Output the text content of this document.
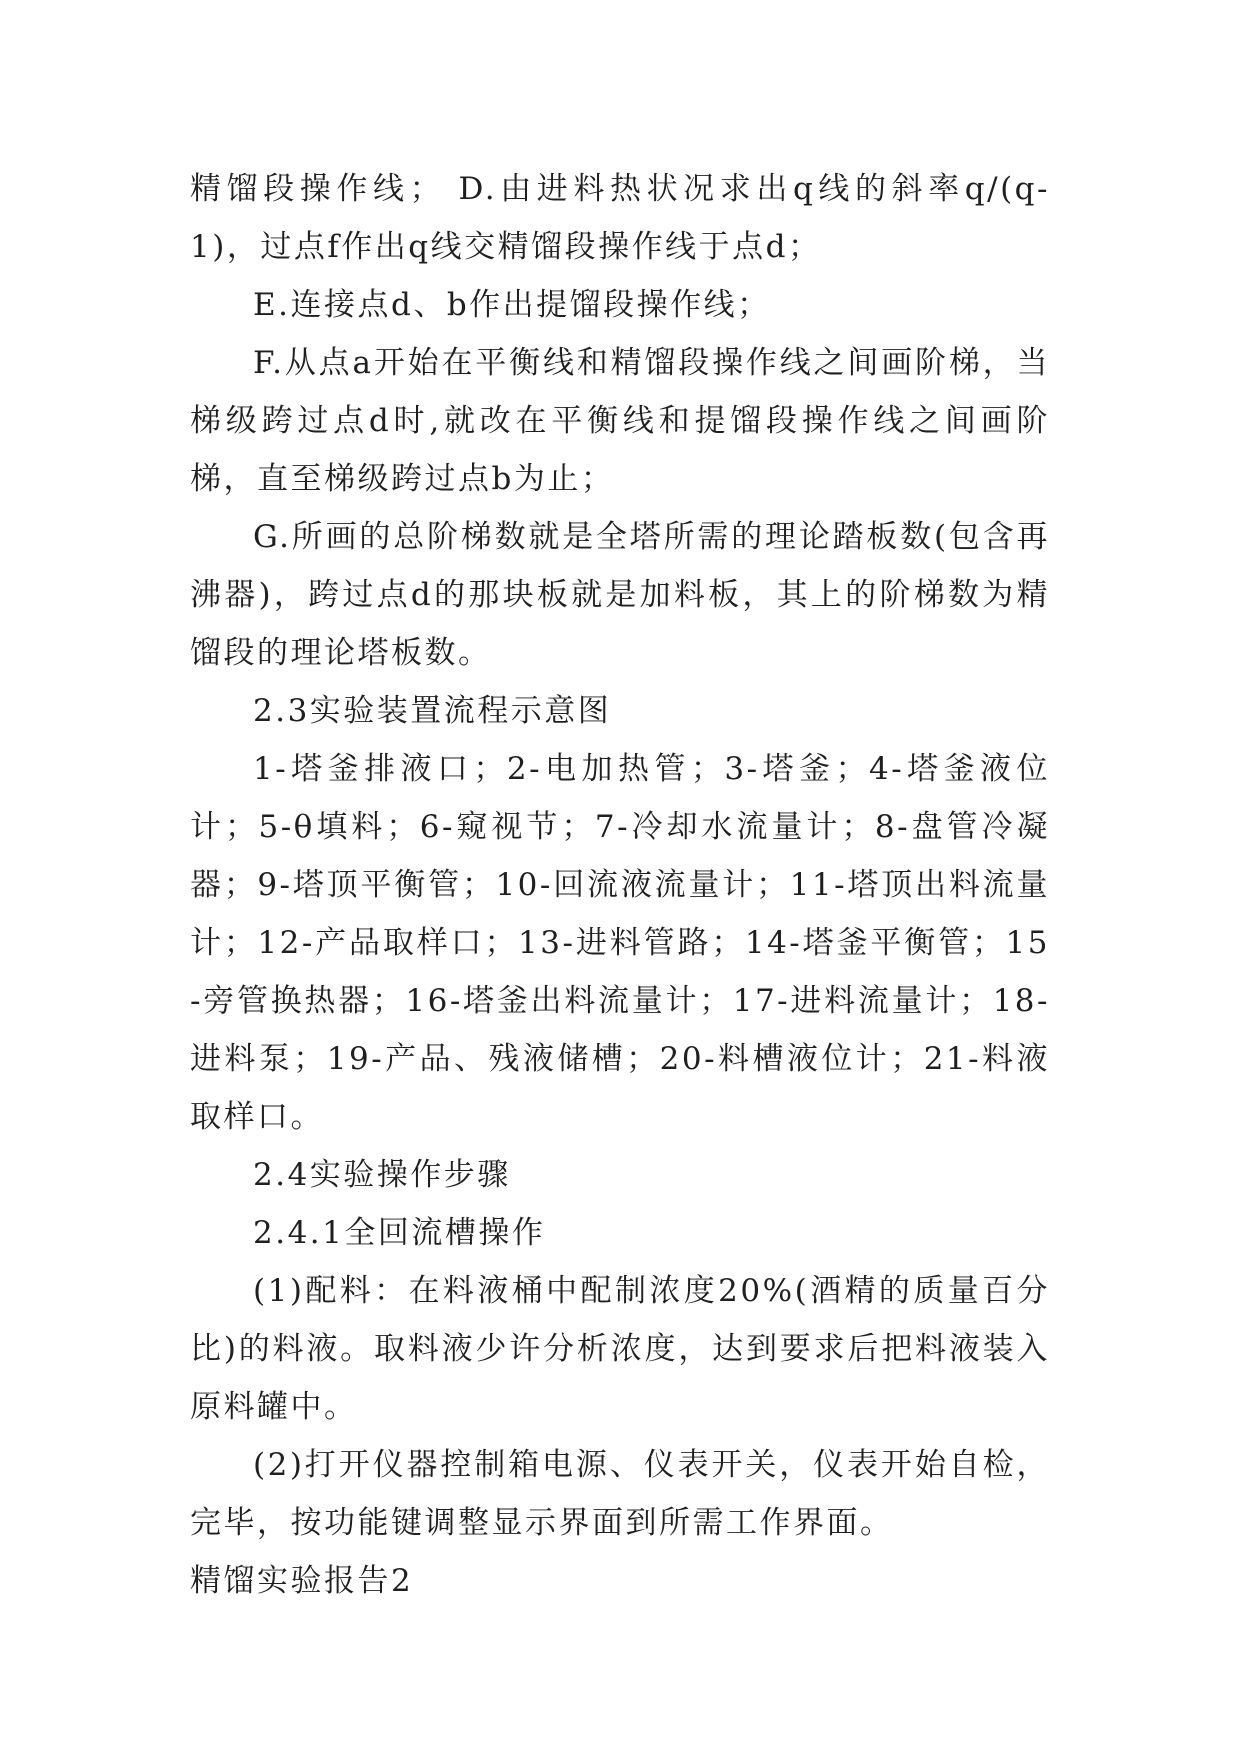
精馏段操作线； D.由进料热状况求出q线的斜率q/(q-1)，过点f作出q线交精馏段操作线于点d；

E.连接点d、b作出提馏段操作线；

F.从点a开始在平衡线和精馏段操作线之间画阶梯，当梯级跨过点d时,就改在平衡线和提馏段操作线之间画阶梯，直至梯级跨过点b为止；

G.所画的总阶梯数就是全塔所需的理论踏板数(包含再沸器)，跨过点d的那块板就是加料板，其上的阶梯数为精馏段的理论塔板数。

2.3实验装置流程示意图

1-塔釜排液口；2-电加热管；3-塔釜；4-塔釜液位计；5-θ填料；6-窥视节；7-冷却水流量计；8-盘管冷凝器；9-塔顶平衡管；10-回流液流量计；11-塔顶出料流量计；12-产品取样口；13-进料管路；14-塔釜平衡管；15-旁管换热器；16-塔釜出料流量计；17-进料流量计；18-进料泵；19-产品、残液储槽；20-料槽液位计；21-料液取样口。

2.4实验操作步骤

2.4.1全回流槽操作

(1)配料：在料液桶中配制浓度20%(酒精的质量百分比)的料液。取料液少许分析浓度，达到要求后把料液装入原料罐中。

(2)打开仪器控制箱电源、仪表开关，仪表开始自检，完毕，按功能键调整显示界面到所需工作界面。

精馏实验报告2
